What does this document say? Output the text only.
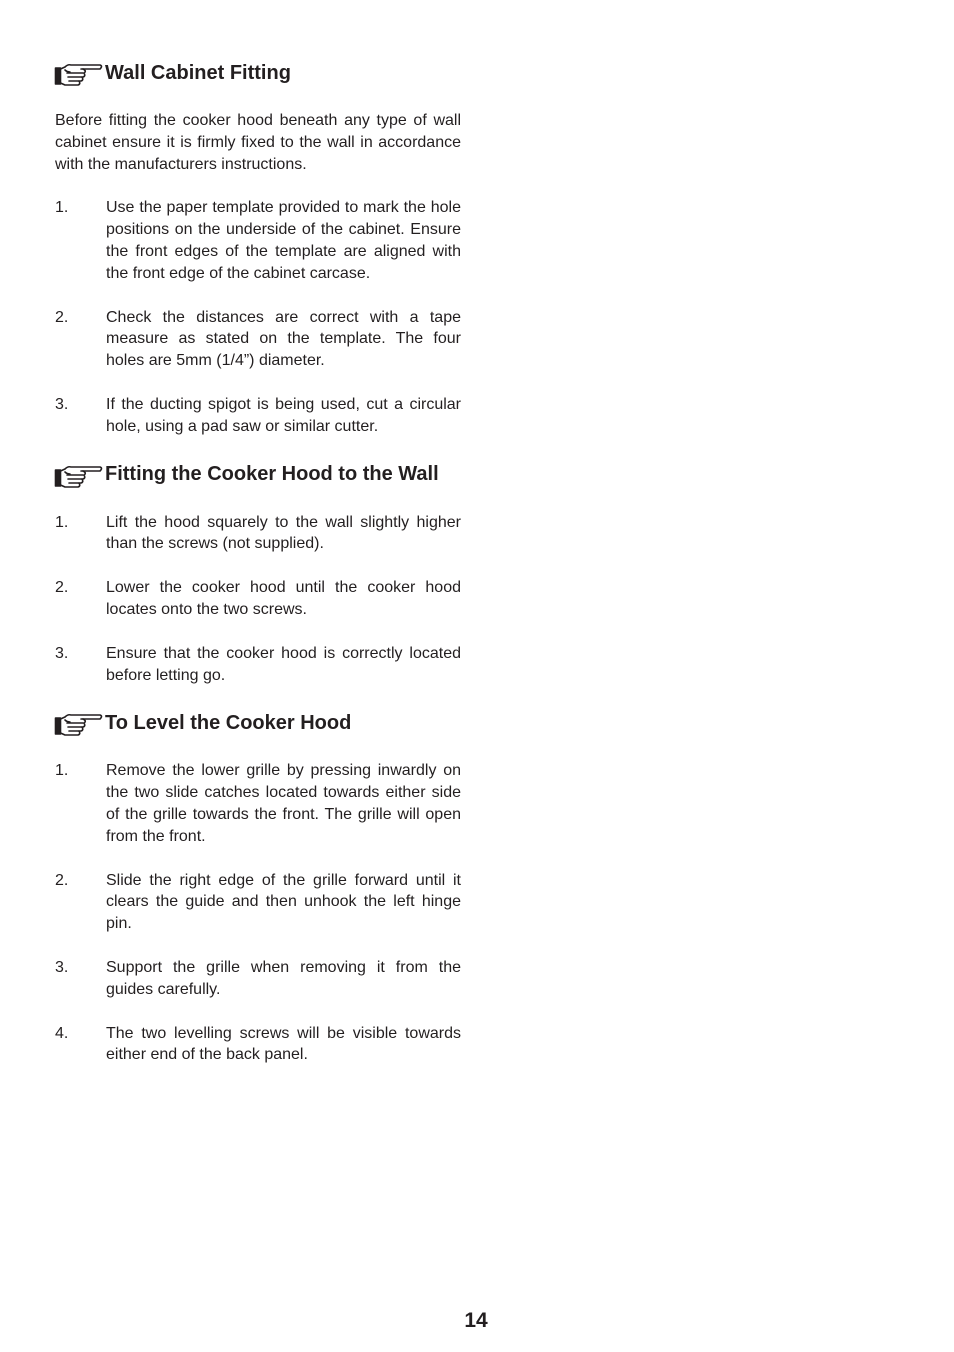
Wall Cabinet Fitting

Before fitting the cooker hood beneath any type of wall cabinet ensure it is firmly fixed to the wall in accordance with the manufacturers instructions.

1.	Use the paper template provided to mark the hole positions on the underside of the cabinet. Ensure the front edges of the template are aligned with the front edge of the cabinet carcase.
2.	Check the distances are correct with a tape measure as stated on the template. The four holes are 5mm (1/4”) diameter.
3.	If the ducting spigot is being used, cut a circular hole, using a pad saw or similar cutter.
Fitting the Cooker Hood to the Wall
1.	Lift the hood squarely to the wall slightly higher than the screws (not supplied).
2.	Lower the cooker hood until the cooker hood locates onto the two screws.
3.	Ensure that the cooker hood is correctly located before letting go.
To Level the Cooker Hood
1.	Remove the lower grille by pressing inwardly on the two slide catches located towards either side of the grille towards the front. The grille will open from the front.
2.	Slide the right edge of the grille forward until it clears the guide and then unhook the left hinge pin.
3.	Support the grille when removing it from the guides carefully.
4.	The two levelling screws will be visible towards either end of the back panel.
14
